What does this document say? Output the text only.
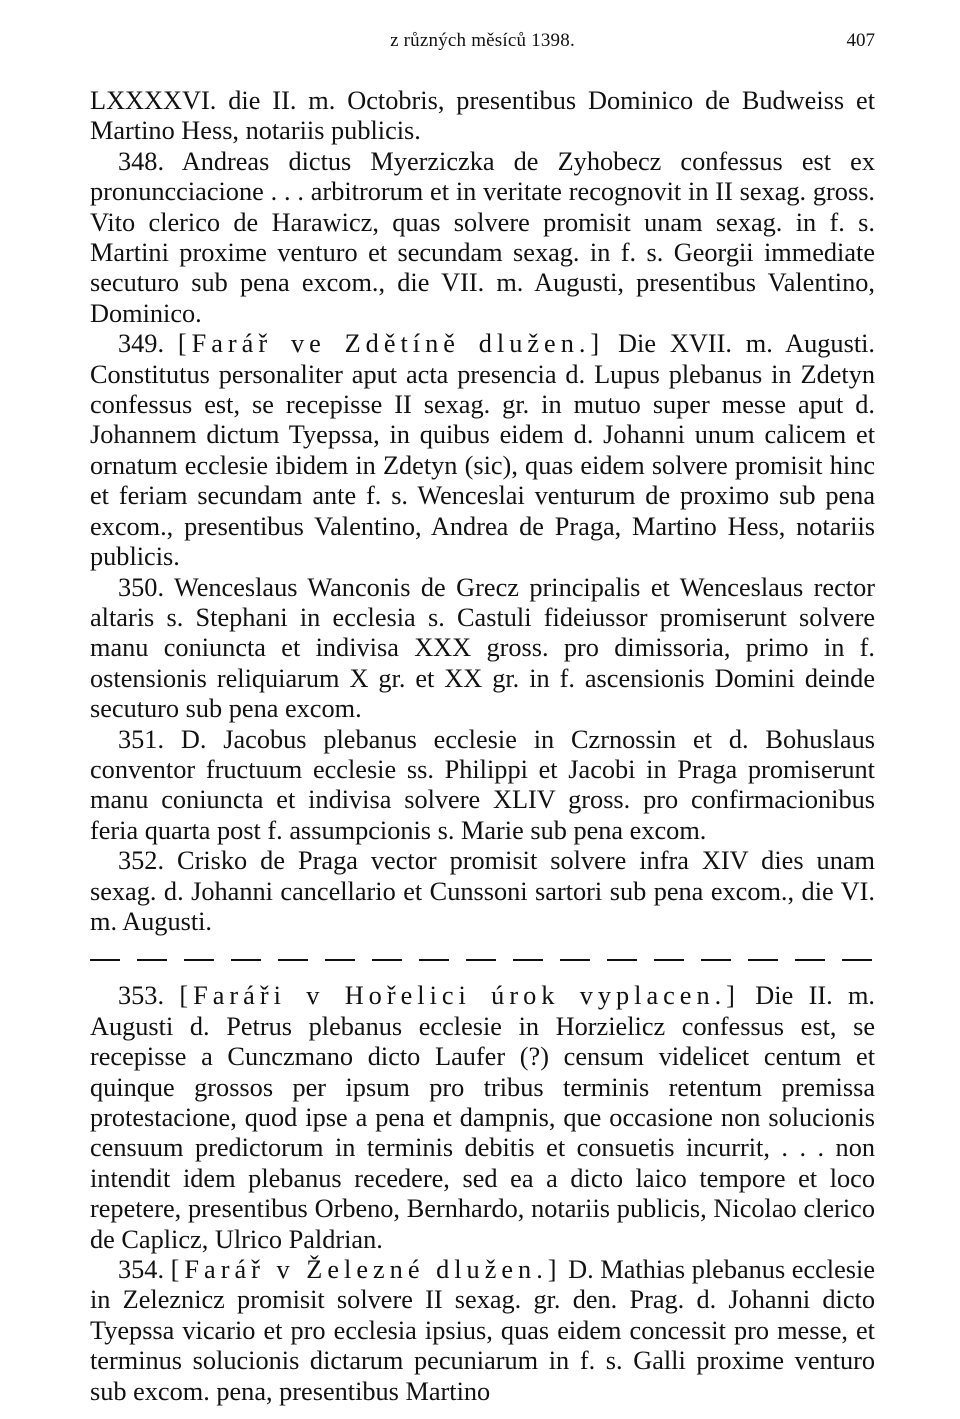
z různých měsíců 1398.	407

LXXXXVI. die II. m. Octobris, presentibus Dominico de Budweiss et Martino Hess, notariis publicis.

348. Andreas dictus Myerziczka de Zyhobecz confessus est ex pronuncciacione . . . arbitrorum et in veritate recognovit in II sexag. gross. Vito clerico de Harawicz, quas solvere promisit unam sexag. in f. s. Martini proxime venturo et secundam sexag. in f. s. Georgii immediate secuturo sub pena excom., die VII. m. Augusti, presentibus Valentino, Dominico.

349. [Farář ve Zdětíně dlužen.] Die XVII. m. Augusti. Constitutus personaliter aput acta presencia d. Lupus plebanus in Zdetyn confessus est, se recepisse II sexag. gr. in mutuo super messe aput d. Johannem dictum Tyepssa, in quibus eidem d. Johanni unum calicem et ornatum ecclesie ibidem in Zdetyn (sic), quas eidem solvere promisit hinc et feriam secundam ante f. s. Wenceslai venturum de proximo sub pena excom., presentibus Valentino, Andrea de Praga, Martino Hess, notariis publicis.

350. Wenceslaus Wanconis de Grecz principalis et Wenceslaus rector altaris s. Stephani in ecclesia s. Castuli fideiussor promiserunt solvere manu coniuncta et indivisa XXX gross. pro dimissoria, primo in f. ostensionis reliquiarum X gr. et XX gr. in f. ascensionis Domini deinde secuturo sub pena excom.

351. D. Jacobus plebanus ecclesie in Czrnossin et d. Bohuslaus conventor fructuum ecclesie ss. Philippi et Jacobi in Praga promiserunt manu coniuncta et indivisa solvere XLIV gross. pro confirmacionibus feria quarta post f. assumpcionis s. Marie sub pena excom.

352. Crisko de Praga vector promisit solvere infra XIV dies unam sexag. d. Johanni cancellario et Cunssoni sartori sub pena excom., die VI. m. Augusti.

353. [Faráři v Hořelici úrok vyplacen.] Die II. m. Augusti d. Petrus plebanus ecclesie in Horzielicz confessus est, se recepisse a Cunczmano dicto Laufer (?) censum videlicet centum et quinque grossos per ipsum pro tribus terminis retentum premissa protestacione, quod ipse a pena et dampnis, que occasione non solucionis censuum predictorum in terminis debitis et consuetis incurrit, . . . non intendit idem plebanus recedere, sed ea a dicto laico tempore et loco repetere, presentibus Orbeno, Bernhardo, notariis publicis, Nicolao clerico de Caplicz, Ulrico Paldrian.

354. [Farář v Železné dlužen.] D. Mathias plebanus ecclesie in Zeleznicz promisit solvere II sexag. gr. den. Prag. d. Johanni dicto Tyepssa vicario et pro ecclesia ipsius, quas eidem concessit pro messe, et terminus solucionis dictarum pecuniarum in f. s. Galli proxime venturo sub excom. pena, presentibus Martino
